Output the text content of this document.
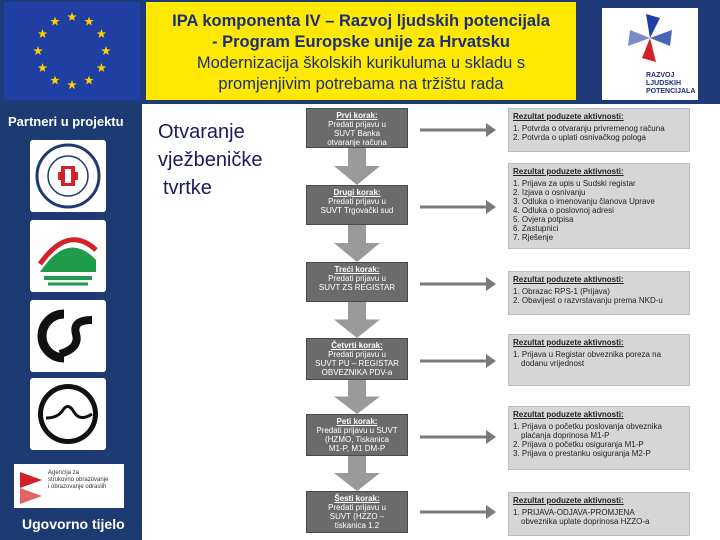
IPA komponenta IV – Razvoj ljudskih potencijala
- Program Europske unije za Hrvatsku
Modernizacija školskih kurikuluma u skladu s
promjenjivim potrebama na tržištu rada	RAZVOJ
LJUDSKIH
POTENCIJALA
Partneri u projektu
Agencija za
strukovno obrazovanje
i obrazovanje odraslih
Ugovorno tijelo
Otvaranje
vježbeničke
tvrtke
Prvi korak:
Predati prijavu u
SUVT Banka
otvaranje računa
Drugi korak:
Predati prijavu u
SUVT Trgovački sud
Treći korak:
Predati prijavu u
SUVT ZS REGISTAR
Četvrti korak:
Predati prijavu u
SUVT PU – REGISTAR
OBVEZNIKA PDV-a
Peti korak:
Predati prijavu u SUVT
(HZMO, Tiskanica
M1-P, M1 DM-P
Šesti korak:
Predati prijavu u
SUVT (HZZO –
tiskanica 1.2
Rezultat poduzete aktivnosti:
1. Potvrda o otvaranju privremenog računa
2. Potvrda o uplati osnivačkog pologa
Rezultat poduzete aktivnosti:
1. Prijava za upis u Sudski registar
2. Izjava o osnivanju
3. Odluka o imenovanju članova Uprave
4. Odluka o poslovnoj adresi
5. Ovjera potpisa
6. Zastupnici
7. Rješenje
Rezultat poduzete aktivnosti:
1. Obrazac RPS-1 (Prijava)
2. Obavijest o razvrstavanju prema NKD-u
Rezultat poduzete aktivnosti:
1. Prijava u Registar obveznika poreza na
dodanu vrijednost
Rezultat poduzete aktivnosti:
1. Prijava o početku poslovanja obveznika
plaćanja doprinosa M1-P
2. Prijava o početku osiguranja M1-P
3. Prijava o prestanku osiguranja M2-P
Rezultat poduzete aktivnosti:
1. PRIJAVA-ODJAVA-PROMJENA
obveznika uplate doprinosa HZZO-a
